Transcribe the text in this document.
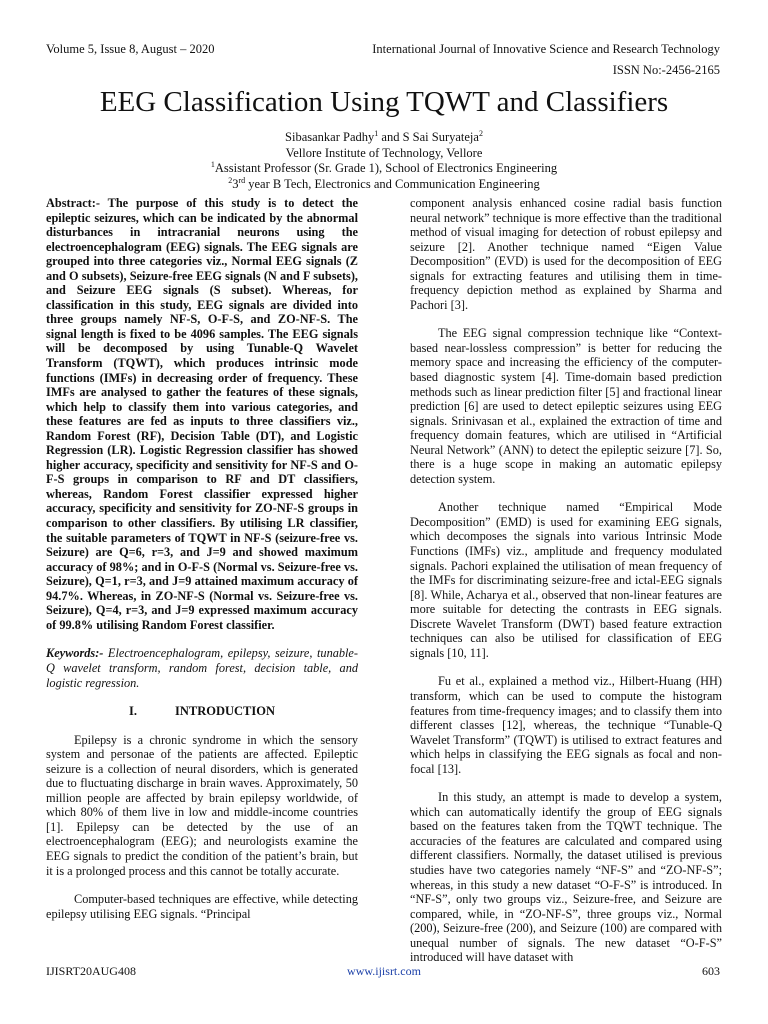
Volume 5, Issue 8, August – 2020	International Journal of Innovative Science and Research Technology
ISSN No:-2456-2165
EEG Classification Using TQWT and Classifiers
Sibasankar Padhy$^1$ and S Sai Suryateja$^2$
Vellore Institute of Technology, Vellore
$^1$Assistant Professor (Sr. Grade 1), School of Electronics Engineering
$^2$3rd year B Tech, Electronics and Communication Engineering

Abstract:- The purpose of this study is to detect the epileptic seizures, which can be indicated by the abnormal disturbances in intracranial neurons using the electroencephalogram (EEG) signals. The EEG signals are grouped into three categories viz., Normal EEG signals (Z and O subsets), Seizure-free EEG signals (N and F subsets), and Seizure EEG signals (S subset). Whereas, for classification in this study, EEG signals are divided into three groups namely NF-S, O-F-S, and ZO-NF-S. The signal length is fixed to be 4096 samples. The EEG signals will be decomposed by using Tunable-Q Wavelet Transform (TQWT), which produces intrinsic mode functions (IMFs) in decreasing order of frequency. These IMFs are analysed to gather the features of these signals, which help to classify them into various categories, and these features are fed as inputs to three classifiers viz., Random Forest (RF), Decision Table (DT), and Logistic Regression (LR). Logistic Regression classifier has showed higher accuracy, specificity and sensitivity for NF-S and O-F-S groups in comparison to RF and DT classifiers, whereas, Random Forest classifier expressed higher accuracy, specificity and sensitivity for ZO-NF-S groups in comparison to other classifiers. By utilising LR classifier, the suitable parameters of TQWT in NF-S (seizure-free vs. Seizure) are Q=6, r=3, and J=9 and showed maximum accuracy of 98%; and in O-F-S (Normal vs. Seizure-free vs. Seizure), Q=1, r=3, and J=9 attained maximum accuracy of 94.7%. Whereas, in ZO-NF-S (Normal vs. Seizure-free vs. Seizure), Q=4, r=3, and J=9 expressed maximum accuracy of 99.8% utilising Random Forest classifier.

Keywords:- Electroencephalogram, epilepsy, seizure, tunable-Q wavelet transform, random forest, decision table, and logistic regression.

I.	INTRODUCTION

Epilepsy is a chronic syndrome in which the sensory system and personae of the patients are affected. Epileptic seizure is a collection of neural disorders, which is generated due to fluctuating discharge in brain waves. Approximately, 50 million people are affected by brain epilepsy worldwide, of which 80% of them live in low and middle-income countries [1]. Epilepsy can be detected by the use of an electroencephalogram (EEG); and neurologists examine the EEG signals to predict the condition of the patient’s brain, but it is a prolonged process and this cannot be totally accurate.

Computer-based techniques are effective, while detecting epilepsy utilising EEG signals. “Principal

component analysis enhanced cosine radial basis function neural network” technique is more effective than the traditional method of visual imaging for detection of robust epilepsy and seizure [2]. Another technique named “Eigen Value Decomposition” (EVD) is used for the decomposition of EEG signals for extracting features and utilising them in time-frequency depiction method as explained by Sharma and Pachori [3].

The EEG signal compression technique like “Context-based near-lossless compression” is better for reducing the memory space and increasing the efficiency of the computer-based diagnostic system [4]. Time-domain based prediction methods such as linear prediction filter [5] and fractional linear prediction [6] are used to detect epileptic seizures using EEG signals. Srinivasan et al., explained the extraction of time and frequency domain features, which are utilised in “Artificial Neural Network” (ANN) to detect the epileptic seizure [7]. So, there is a huge scope in making an automatic epilepsy detection system.

Another technique named “Empirical Mode Decomposition” (EMD) is used for examining EEG signals, which decomposes the signals into various Intrinsic Mode Functions (IMFs) viz., amplitude and frequency modulated signals. Pachori explained the utilisation of mean frequency of the IMFs for discriminating seizure-free and ictal-EEG signals [8]. While, Acharya et al., observed that non-linear features are more suitable for detecting the contrasts in EEG signals. Discrete Wavelet Transform (DWT) based feature extraction techniques can also be utilised for classification of EEG signals [10, 11].

Fu et al., explained a method viz., Hilbert-Huang (HH) transform, which can be used to compute the histogram features from time-frequency images; and to classify them into different classes [12], whereas, the technique “Tunable-Q Wavelet Transform” (TQWT) is utilised to extract features and which helps in classifying the EEG signals as focal and non-focal [13].

In this study, an attempt is made to develop a system, which can automatically identify the group of EEG signals based on the features taken from the TQWT technique. The accuracies of the features are calculated and compared using different classifiers. Normally, the dataset utilised is previous studies have two categories namely “NF-S” and “ZO-NF-S”; whereas, in this study a new dataset “O-F-S” is introduced. In “NF-S”, only two groups viz., Seizure-free, and Seizure are compared, while, in “ZO-NF-S”, three groups viz., Normal (200), Seizure-free (200), and Seizure (100) are compared with unequal number of signals. The new dataset “O-F-S” introduced will have dataset with

IJISRT20AUG408	www.ijisrt.com	603
